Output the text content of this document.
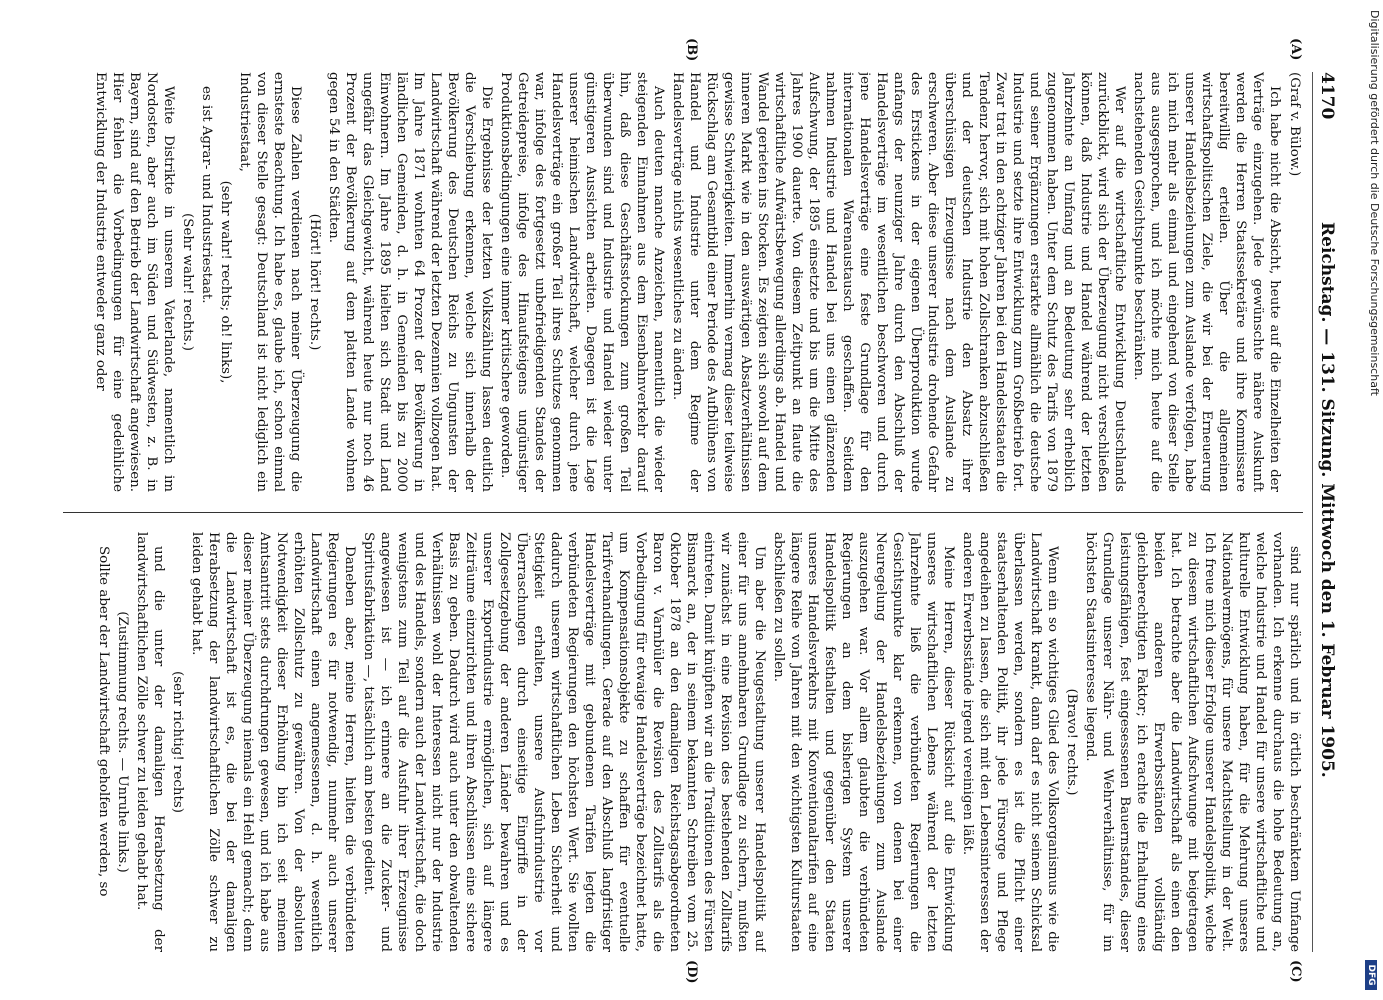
Digitalisierung gefördert durch die Deutsche Forschungsgemeinschaft
DFG
4170
Reichstag. — 131. Sitzung. Mittwoch den 1. Februar 1905.
(A)
(B)
(C)
(D)

(Graf v. Bülow.)

Ich habe nicht die Absicht, heute auf die Einzelheiten der Verträge einzugehen. Jede gewünschte nähere Auskunft werden die Herren Staatssekretäre und ihre Kommissare bereitwillig erteilen. Über die allgemeinen wirtschaftspolitischen Ziele, die wir bei der Erneuerung unserer Handelsbeziehungen zum Auslande verfolgen, habe ich mich mehr als einmal und eingehend von dieser Stelle aus ausgesprochen, und ich möchte mich heute auf die nachstehenden Gesichtspunkte beschränken.

Wer auf die wirtschaftliche Entwicklung Deutschlands zurückblickt, wird sich der Überzeugung nicht verschließen können, daß Industrie und Handel während der letzten Jahrzehnte an Umfang und an Bedeutung sehr erheblich zugenommen haben. Unter dem Schutz des Tarifs von 1879 und seiner Ergänzungen erstarkte allmählich die deutsche Industrie und setzte ihre Entwicklung zum Großbetrieb fort. Zwar trat in den achtziger Jahren bei den Handelsstaaten die Tendenz hervor, sich mit hohen Zollschranken abzuschließen und der deutschen Industrie den Absatz ihrer überschüssigen Erzeugnisse nach dem Auslande zu erschweren. Aber diese unserer Industrie drohende Gefahr des Erstickens in der eigenen Überproduktion wurde anfangs der neunziger Jahre durch den Abschluß der Handelsverträge im wesentlichen beschworen und durch jene Handelsverträge eine feste Grundlage für den internationalen Warenaustausch geschaffen. Seitdem nahmen Industrie und Handel bei uns einen glänzenden Aufschwung, der 1895 einsetzte und bis um die Mitte des Jahres 1900 dauerte. Von diesem Zeitpunkt an flaute die wirtschaftliche Aufwärtsbewegung allerdings ab. Handel und Wandel gerieten ins Stocken. Es zeigten sich sowohl auf dem inneren Markt wie in den auswärtigen Absatzverhältnissen gewisse Schwierigkeiten. Immerhin vermag dieser teilweise Rückschlag am Gesamtbild einer Periode des Aufblühens von Handel und Industrie unter dem Regime der Handelsverträge nichts wesentliches zu ändern.

Auch deuten manche Anzeichen, namentlich die wieder steigenden Einnahmen aus dem Eisenbahnverkehr darauf hin, daß diese Geschäftsstockungen zum großen Teil überwunden sind und Industrie und Handel wieder unter günstigeren Aussichten arbeiten. Dagegen ist die Lage unserer heimischen Landwirtschaft, welcher durch jene Handelsverträge ein großer Teil ihres Schutzes genommen war, infolge des fortgesetzt unbefriedigenden Standes der Getreidepreise, infolge des Hinaufsteigens ungünstiger Produktionsbedingungen eine immer kritischere geworden.

Die Ergebnisse der letzten Volkszählung lassen deutlich die Verschiebung erkennen, welche sich innerhalb der Bevölkerung des Deutschen Reichs zu Ungunsten der Landwirtschaft während der letzten Dezennien vollzogen hat. Im Jahre 1871 wohnten 64 Prozent der Bevölkerung in ländlichen Gemeinden, d. h. in Gemeinden bis zu 2000 Einwohnern. Im Jahre 1895 hielten sich Stadt und Land ungefähr das Gleichgewicht, während heute nur noch 46 Prozent der Bevölkerung auf dem platten Lande wohnen gegen 54 in den Städten.

(Hört! hört! rechts.)

Diese Zahlen verdienen nach meiner Überzeugung die ernsteste Beachtung. Ich habe es, glaube ich, schon einmal von dieser Stelle gesagt: Deutschland ist nicht lediglich ein Industriestaat,

(sehr wahr! rechts; oh! links),

es ist Agrar- und Industriestaat.

(Sehr wahr! rechts.)

Weite Distrikte in unserem Vaterlande, namentlich im Nordosten, aber auch im Süden und Südwesten, z. B. in Bayern, sind auf den Betrieb der Landwirtschaft angewiesen. Hier fehlen die Vorbedingungen für eine gedeihliche Entwicklung der Industrie entweder ganz oder

sind nur spärlich und in örtlich beschränktem Umfange vorhanden. Ich erkenne durchaus die hohe Bedeutung an, welche Industrie und Handel für unsere wirtschaftliche und kulturelle Entwicklung haben, für die Mehrung unseres Nationalvermögens, für unsere Machtstellung in der Welt. Ich freue mich dieser Erfolge unserer Handelspolitik, welche zu diesem wirtschaftlichen Aufschwunge mit beigetragen hat. Ich betrachte aber die Landwirtschaft als einen den beiden anderen Erwerbsständen vollständig gleichberechtigten Faktor; ich erachte die Erhaltung eines leistungsfähigen, fest eingesessenen Bauernstandes, dieser Grundlage unserer Nähr- und Wehrverhältnisse, für im höchsten Staatsinteresse liegend.

(Bravo! rechts.)

Wenn ein so wichtiges Glied des Volksorganismus wie die Landwirtschaft krankt, dann darf es nicht seinem Schicksal überlassen werden, sondern es ist die Pflicht einer staatserhaltenden Politik, ihr jede Fürsorge und Pflege angedeihen zu lassen, die sich mit den Lebensinteressen der anderen Erwerbsstände irgend vereinigen läßt.

Meine Herren, dieser Rücksicht auf die Entwicklung unseres wirtschaftlichen Lebens während der letzten Jahrzehnte ließ die verbündeten Regierungen die Gesichtspunkte klar erkennen, von denen bei einer Neuregelung der Handelsbeziehungen zum Auslande auszugehen war. Vor allem glaubten die verbündeten Regierungen an dem bisherigen System unserer Handelspolitik festhalten und gegenüber den Staaten unseres Handelsverkehrs mit Konventionaltarifen auf eine längere Reihe von Jahren mit den wichtigsten Kulturstaaten abschließen zu sollen.

Um aber die Neugestaltung unserer Handelspolitik auf einer für uns annehmbaren Grundlage zu sichern, mußten wir zunächst in eine Revision des bestehenden Zolltarifs eintreten. Damit knüpften wir an die Traditionen des Fürsten Bismarck an, der in seinem bekannten Schreiben vom 25. Oktober 1878 an den damaligen Reichstagsabgeordneten Baron v. Varnbüler die Revision des Zolltarifs als die Vorbedingung für etwaige Handelsverträge bezeichnet hatte, um Kompensationsobjekte zu schaffen für eventuelle Tarifverhandlungen. Gerade auf den Abschluß langfristiger Handelsverträge mit gebundenen Tarifen legten die verbündeten Regierungen den höchsten Wert. Sie wollten dadurch unserem wirtschaftlichen Leben Sicherheit und Stetigkeit erhalten, unsere Ausfuhrindustrie vor Überraschungen durch einseitige Eingriffe in der Zollgesetzgebung der anderen Länder bewahren und es unserer Exportindustrie ermöglichen, sich auf längere Zeiträume einzurichten und ihren Abschlüssen eine sichere Basis zu geben. Dadurch wird auch unter den obwaltenden Verhältnissen wohl der Interessen nicht nur der Industrie und des Handels, sondern auch der Landwirtschaft, die doch wenigstens zum Teil auf die Ausfuhr ihrer Erzeugnisse angewiesen ist — ich erinnere an die Zucker- und Spiritusfabrikation —, tatsächlich am besten gedient.

Daneben aber, meine Herren, hielten die verbündeten Regierungen es für notwendig, nunmehr auch unserer Landwirtschaft einen angemessenen, d. h. wesentlich erhöhten Zollschutz zu gewähren. Von der absoluten Notwendigkeit dieser Erhöhung bin ich seit meinem Amtsantritt stets durchdrungen gewesen, und ich habe aus dieser meiner Überzeugung niemals ein Hehl gemacht; denn die Landwirtschaft ist es, die bei der damaligen Herabsetzung der landwirtschaftlichen Zölle schwer zu leiden gehabt hat.

(sehr richtig! rechts)

und die unter der damaligen Herabsetzung der landwirtschaftlichen Zölle schwer zu leiden gehabt hat.

(Zustimmung rechts. — Unruhe links.)

Sollte aber der Landwirtschaft geholfen werden, so
